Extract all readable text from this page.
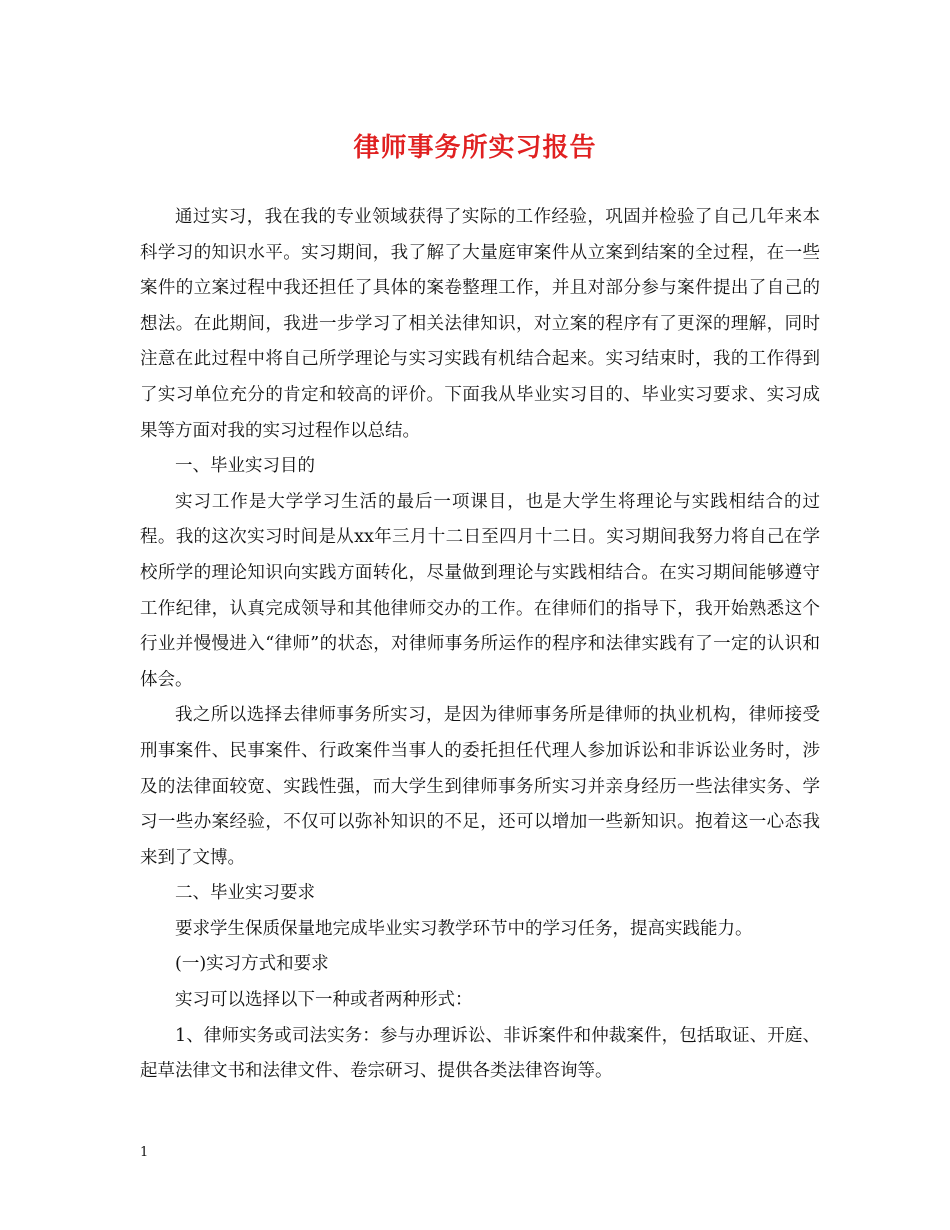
律师事务所实习报告

通过实习，我在我的专业领域获得了实际的工作经验，巩固并检验了自己几年来本科学习的知识水平。实习期间，我了解了大量庭审案件从立案到结案的全过程，在一些案件的立案过程中我还担任了具体的案卷整理工作，并且对部分参与案件提出了自己的想法。在此期间，我进一步学习了相关法律知识，对立案的程序有了更深的理解，同时注意在此过程中将自己所学理论与实习实践有机结合起来。实习结束时，我的工作得到了实习单位充分的肯定和较高的评价。下面我从毕业实习目的、毕业实习要求、实习成果等方面对我的实习过程作以总结。

一、毕业实习目的

实习工作是大学学习生活的最后一项课目，也是大学生将理论与实践相结合的过程。我的这次实习时间是从xx年三月十二日至四月十二日。实习期间我努力将自己在学校所学的理论知识向实践方面转化，尽量做到理论与实践相结合。在实习期间能够遵守工作纪律，认真完成领导和其他律师交办的工作。在律师们的指导下，我开始熟悉这个行业并慢慢进入“律师”的状态，对律师事务所运作的程序和法律实践有了一定的认识和体会。

我之所以选择去律师事务所实习，是因为律师事务所是律师的执业机构，律师接受刑事案件、民事案件、行政案件当事人的委托担任代理人参加诉讼和非诉讼业务时，涉及的法律面较宽、实践性强，而大学生到律师事务所实习并亲身经历一些法律实务、学习一些办案经验，不仅可以弥补知识的不足，还可以增加一些新知识。抱着这一心态我来到了文博。

二、毕业实习要求

要求学生保质保量地完成毕业实习教学环节中的学习任务，提高实践能力。

(一)实习方式和要求

实习可以选择以下一种或者两种形式：

1、律师实务或司法实务：参与办理诉讼、非诉案件和仲裁案件，包括取证、开庭、起草法律文书和法律文件、卷宗研习、提供各类法律咨询等。

1
